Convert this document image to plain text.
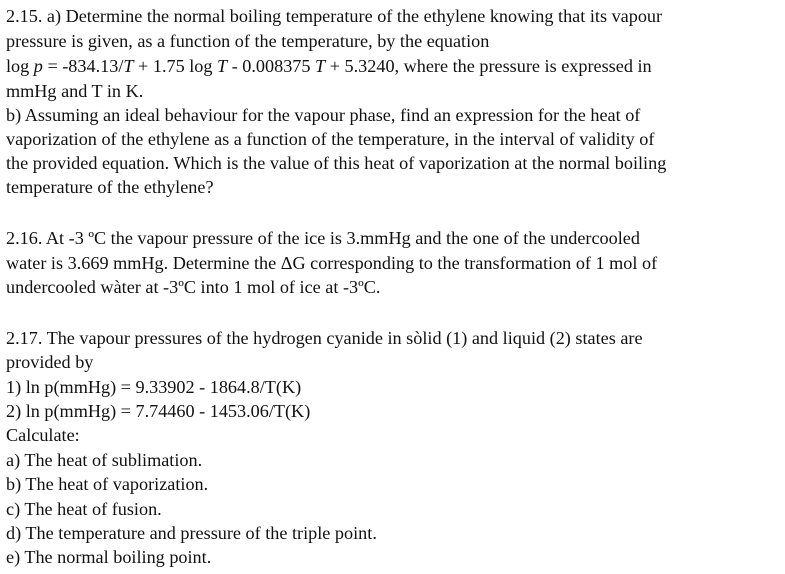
2.15. a) Determine the normal boiling temperature of the ethylene knowing that its vapour

pressure is given, as a function of the temperature, by the equation

log p = -834.13/T + 1.75 log T - 0.008375 T + 5.3240, where the pressure is expressed in

mmHg and T in K.

b) Assuming an ideal behaviour for the vapour phase, find an expression for the heat of

vaporization of the ethylene as a function of the temperature, in the interval of validity of

the provided equation. Which is the value of this heat of vaporization at the normal boiling

temperature of the ethylene?

2.16. At -3 ºC the vapour pressure of the ice is 3.mmHg and the one of the undercooled

water is 3.669 mmHg. Determine the ΔG corresponding to the transformation of 1 mol of

undercooled wàter at -3ºC into 1 mol of ice at -3ºC.

2.17. The vapour pressures of the hydrogen cyanide in sòlid (1) and liquid (2) states are

provided by

1) ln p(mmHg) = 9.33902 - 1864.8/T(K)

2) ln p(mmHg) = 7.74460 - 1453.06/T(K)

Calculate:

a) The heat of sublimation.

b) The heat of vaporization.

c) The heat of fusion.

d) The temperature and pressure of the triple point.

e) The normal boiling point.
